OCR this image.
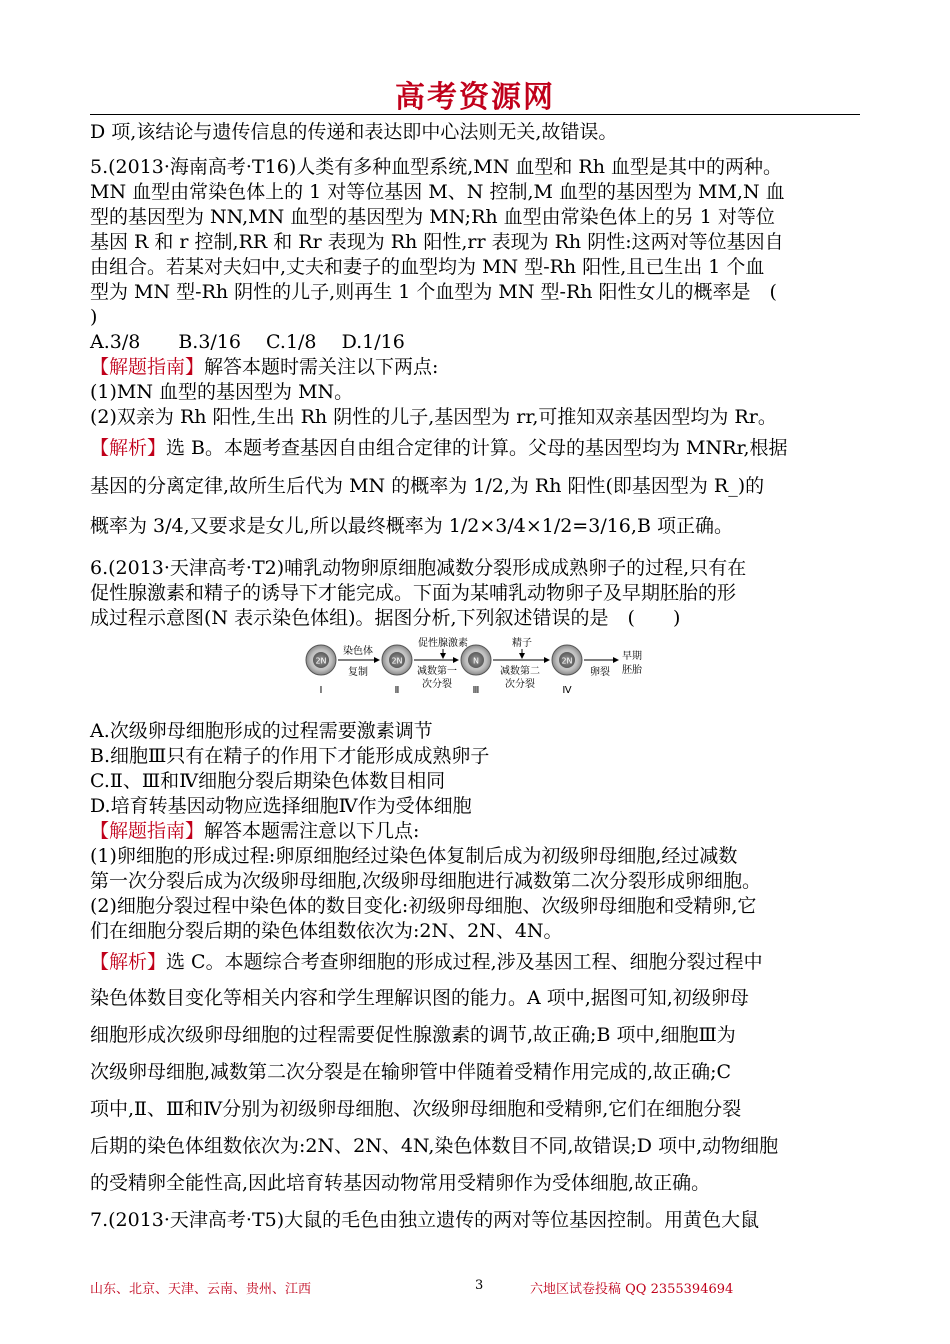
高考资源网

D 项,该结论与遗传信息的传递和表达即中心法则无关,故错误。

5.(2013·海南高考·T16)人类有多种血型系统,MN 血型和 Rh 血型是其中的两种。

MN 血型由常染色体上的 1 对等位基因 M、N 控制,M 血型的基因型为 MM,N 血

型的基因型为 NN,MN 血型的基因型为 MN;Rh 血型由常染色体上的另 1 对等位

基因 R 和 r 控制,RR 和 Rr 表现为 Rh 阳性,rr 表现为 Rh 阴性:这两对等位基因自

由组合。若某对夫妇中,丈夫和妻子的血型均为 MN 型-Rh 阳性,且已生出 1 个血

型为 MN 型-Rh 阴性的儿子,则再生 1 个血型为 MN 型-Rh 阳性女儿的概率是　(

)

A.3/8　　B.3/16　 C.1/8　 D.1/16

【解题指南】解答本题时需关注以下两点:

(1)MN 血型的基因型为 MN。

(2)双亲为 Rh 阳性,生出 Rh 阴性的儿子,基因型为 rr,可推知双亲基因型均为 Rr。

【解析】选 B。本题考查基因自由组合定律的计算。父母的基因型均为 MNRr,根据

基因的分离定律,故所生后代为 MN 的概率为 1/2,为 Rh 阳性(即基因型为 R_)的

概率为 3/4,又要求是女儿,所以最终概率为 1/2×3/4×1/2=3/16,B 项正确。

6.(2013·天津高考·T2)哺乳动物卵原细胞减数分裂形成成熟卵子的过程,只有在

促性腺激素和精子的诱导下才能完成。下面为某哺乳动物卵子及早期胚胎的形

成过程示意图(N 表示染色体组)。据图分析,下列叙述错误的是　(　　)

2N
Ⅰ
染色体
复制
2N
Ⅱ
促性腺激素
减数第一
次分裂
N
Ⅲ
精子
减数第二
次分裂
2N
Ⅳ
卵裂
早期
胚胎

A.次级卵母细胞形成的过程需要激素调节

B.细胞Ⅲ只有在精子的作用下才能形成成熟卵子

C.Ⅱ、Ⅲ和Ⅳ细胞分裂后期染色体数目相同

D.培育转基因动物应选择细胞Ⅳ作为受体细胞

【解题指南】解答本题需注意以下几点:

(1)卵细胞的形成过程:卵原细胞经过染色体复制后成为初级卵母细胞,经过减数

第一次分裂后成为次级卵母细胞,次级卵母细胞进行减数第二次分裂形成卵细胞。

(2)细胞分裂过程中染色体的数目变化:初级卵母细胞、次级卵母细胞和受精卵,它

们在细胞分裂后期的染色体组数依次为:2N、2N、4N。

【解析】选 C。本题综合考查卵细胞的形成过程,涉及基因工程、细胞分裂过程中

染色体数目变化等相关内容和学生理解识图的能力。A 项中,据图可知,初级卵母

细胞形成次级卵母细胞的过程需要促性腺激素的调节,故正确;B 项中,细胞Ⅲ为

次级卵母细胞,减数第二次分裂是在输卵管中伴随着受精作用完成的,故正确;C

项中,Ⅱ、Ⅲ和Ⅳ分别为初级卵母细胞、次级卵母细胞和受精卵,它们在细胞分裂

后期的染色体组数依次为:2N、2N、4N,染色体数目不同,故错误;D 项中,动物细胞

的受精卵全能性高,因此培育转基因动物常用受精卵作为受体细胞,故正确。

7.(2013·天津高考·T5)大鼠的毛色由独立遗传的两对等位基因控制。用黄色大鼠

山东、北京、天津、云南、贵州、江西	3	六地区试卷投稿 QQ 2355394694
